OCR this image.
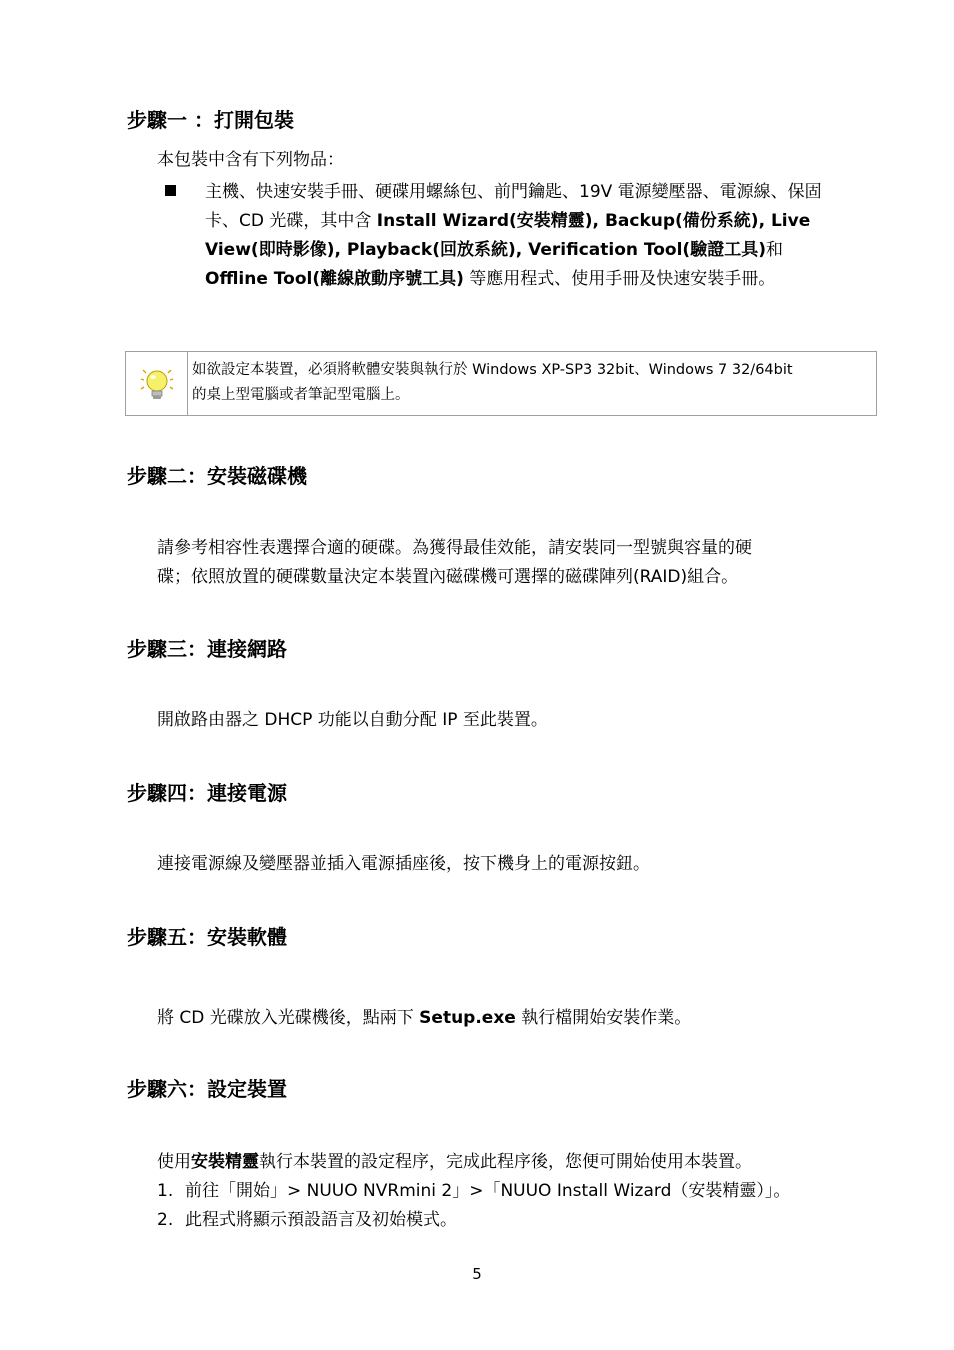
步驟一 ：打開包裝

本包裝中含有下列物品：

主機、快速安裝手冊、硬碟用螺絲包、前門鑰匙、19V 電源變壓器、電源線、保固卡、CD 光碟，其中含 Install Wizard(安裝精靈), Backup(備份系統), Live View(即時影像), Playback(回放系統), Verification Tool(驗證工具)和 Offline Tool(離線啟動序號工具) 等應用程式、使用手冊及快速安裝手冊。
如欲設定本裝置，必須將軟體安裝與執行於 Windows XP-SP3 32bit、Windows 7 32/64bit
的桌上型電腦或者筆記型電腦上。
步驟二：安裝磁碟機

請參考相容性表選擇合適的硬碟。為獲得最佳效能，請安裝同一型號與容量的硬

碟；依照放置的硬碟數量決定本裝置內磁碟機可選擇的磁碟陣列(RAID)組合。

步驟三：連接網路

開啟路由器之 DHCP 功能以自動分配 IP 至此裝置。

步驟四：連接電源

連接電源線及變壓器並插入電源插座後，按下機身上的電源按鈕。

步驟五：安裝軟體

將 CD 光碟放入光碟機後，點兩下 Setup.exe 執行檔開始安裝作業。

步驟六：設定裝置

使用安裝精靈執行本裝置的設定程序，完成此程序後，您便可開始使用本裝置。

1. 前往「開始」> NUUO NVRmini 2」>「NUUO Install Wizard（安裝精靈）」。

2. 此程式將顯示預設語言及初始模式。

5
